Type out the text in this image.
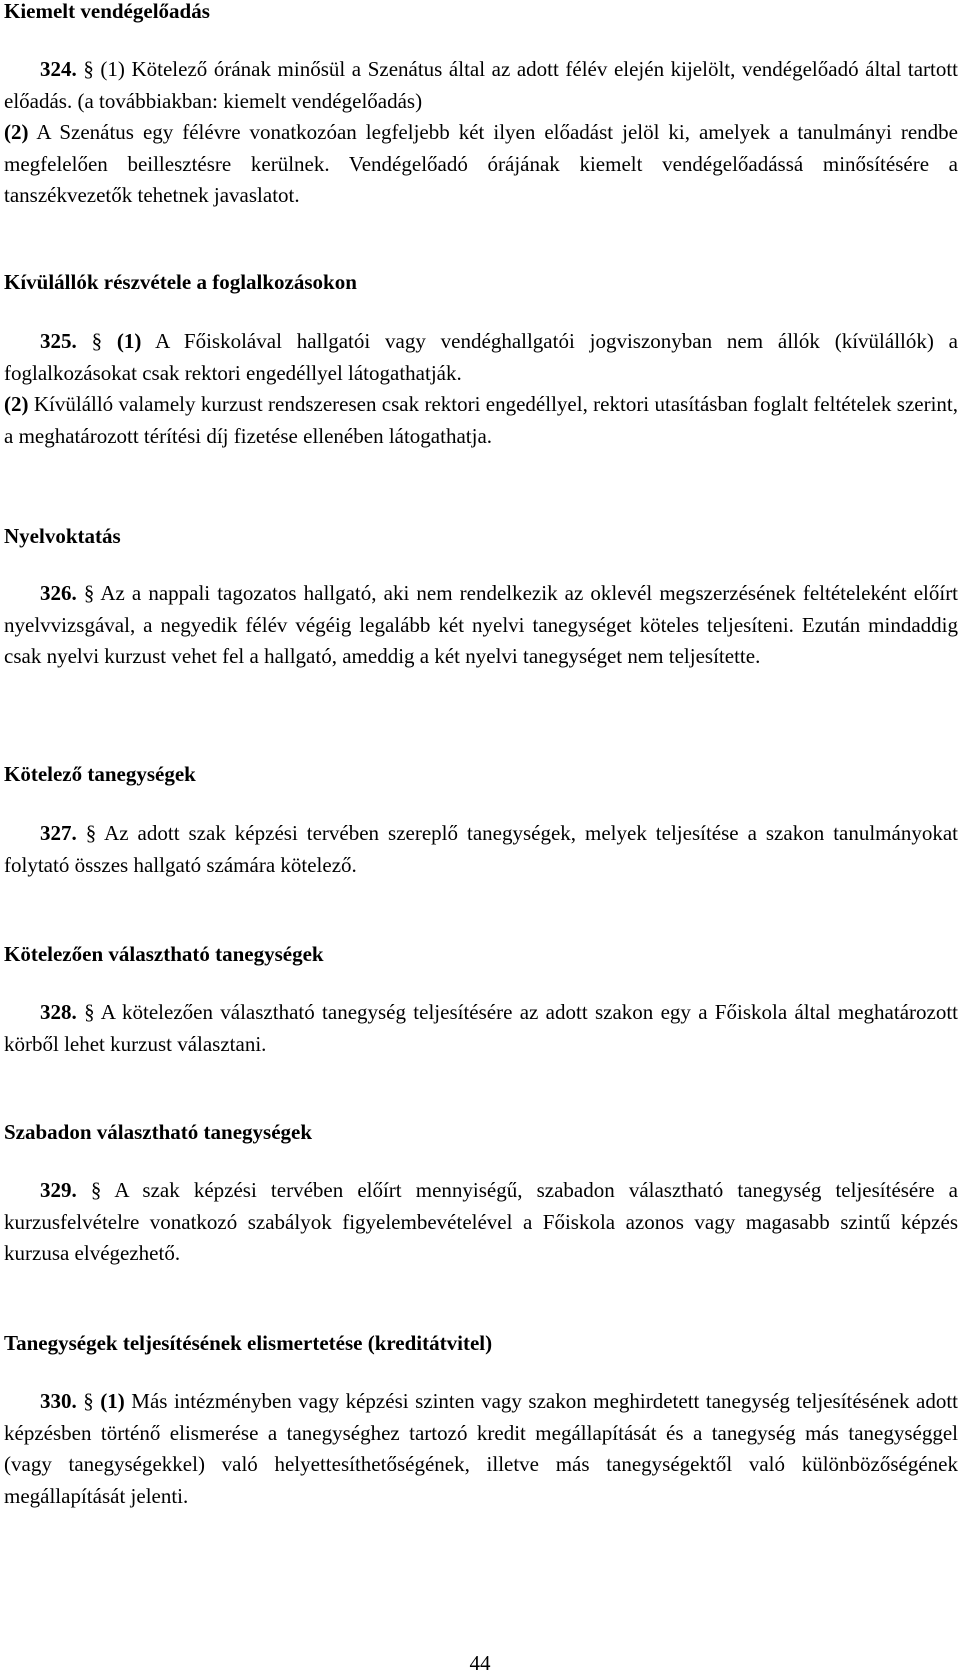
Kiemelt vendégelőadás

324. § (1) Kötelező órának minősül a Szenátus által az adott félév elején kijelölt, vendégelőadó által tartott előadás. (a továbbiakban: kiemelt vendégelőadás)

(2) A Szenátus egy félévre vonatkozóan legfeljebb két ilyen előadást jelöl ki, amelyek a tanulmányi rendbe megfelelően beillesztésre kerülnek. Vendégelőadó órájának kiemelt vendégelőadássá minősítésére a tanszékvezetők tehetnek javaslatot.

Kívülállók részvétele a foglalkozásokon

325. § (1) A Főiskolával hallgatói vagy vendéghallgatói jogviszonyban nem állók (kívülállók) a foglalkozásokat csak rektori engedéllyel látogathatják.

(2) Kívülálló valamely kurzust rendszeresen csak rektori engedéllyel, rektori utasításban foglalt feltételek szerint, a meghatározott térítési díj fizetése ellenében látogathatja.

Nyelvoktatás

326. § Az a nappali tagozatos hallgató, aki nem rendelkezik az oklevél megszerzésének feltételeként előírt nyelvvizsgával, a negyedik félév végéig legalább két nyelvi tanegységet köteles teljesíteni. Ezután mindaddig csak nyelvi kurzust vehet fel a hallgató, ameddig a két nyelvi tanegységet nem teljesítette.

Kötelező tanegységek

327. § Az adott szak képzési tervében szereplő tanegységek, melyek teljesítése a szakon tanulmányokat folytató összes hallgató számára kötelező.

Kötelezően választható tanegységek

328. § A kötelezően választható tanegység teljesítésére az adott szakon egy a Főiskola által meghatározott körből lehet kurzust választani.

Szabadon választható tanegységek

329. § A szak képzési tervében előírt mennyiségű, szabadon választható tanegység teljesítésére a kurzusfelvételre vonatkozó szabályok figyelembevételével a Főiskola azonos vagy magasabb szintű képzés kurzusa elvégezhető.

Tanegységek teljesítésének elismertetése (kreditátvitel)

330. § (1) Más intézményben vagy képzési szinten vagy szakon meghirdetett tanegység teljesítésének adott képzésben történő elismerése a tanegységhez tartozó kredit megállapítását és a tanegység más tanegységgel (vagy tanegységekkel) való helyettesíthetőségének, illetve más tanegységektől való különbözőségének megállapítását jelenti.

44
